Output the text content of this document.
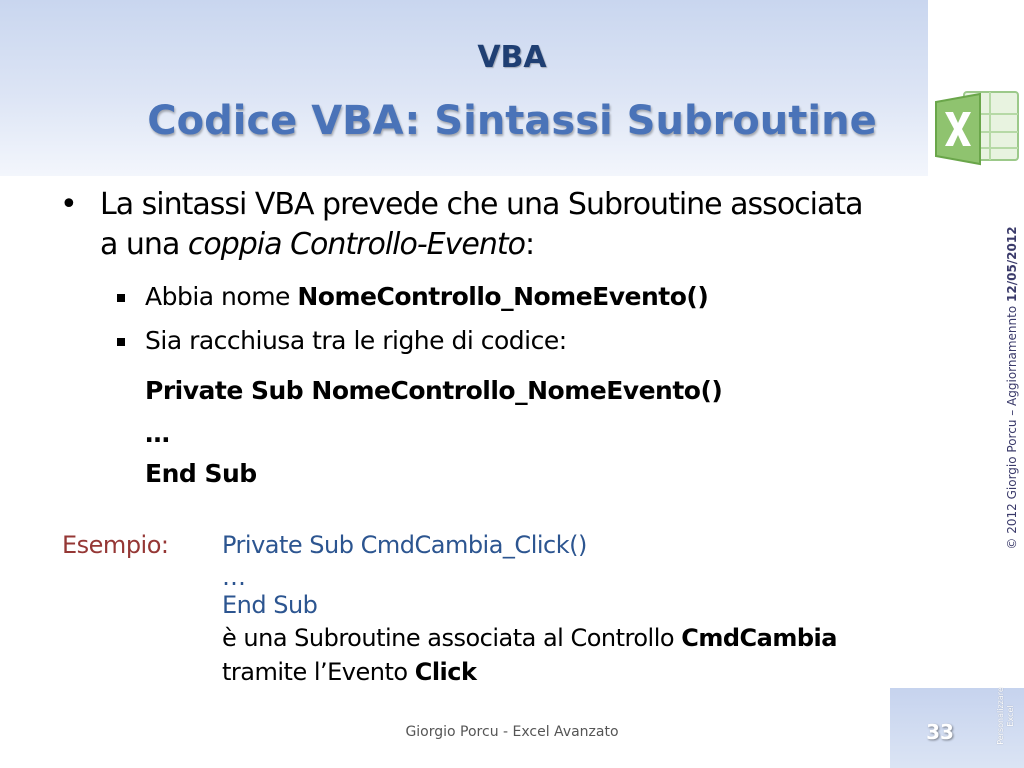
VBA
Codice VBA: Sintassi Subroutine
• La sintassi VBA prevede che una Subroutine associata
a una coppia Controllo-Evento:
Abbia nome NomeControllo_NomeEvento()
Sia racchiusa tra le righe di codice:
Private Sub NomeControllo_NomeEvento()
…
End Sub
Esempio: Private Sub CmdCambia_Click()
…
End Sub
è una Subroutine associata al Controllo CmdCambia
tramite l’Evento Click
© 2012 Giorgio Porcu – Aggiornamennto 12/05/2012
Giorgio Porcu - Excel Avanzato	33	Personalizzare Excel
